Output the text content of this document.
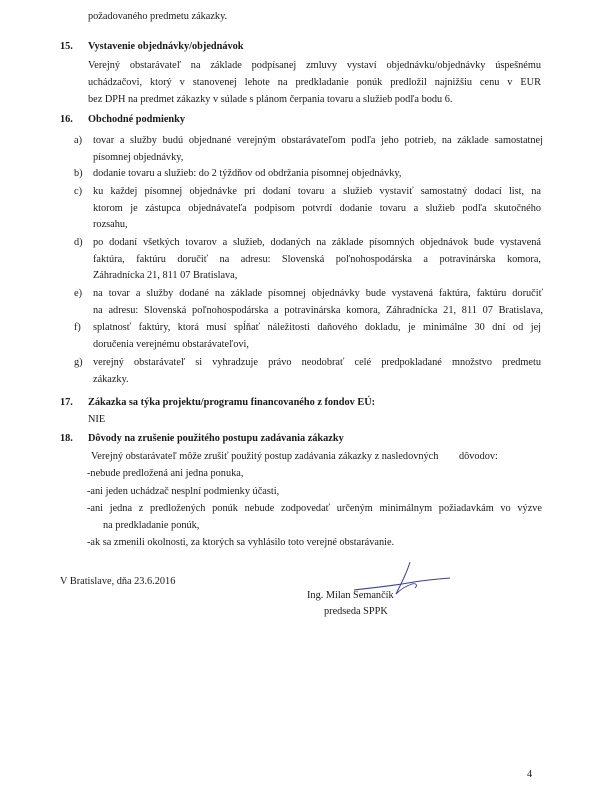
požadovaného predmetu zákazky.
15. Vystavenie objednávky/objednávok
Verejný obstarávateľ na základe podpísanej zmluvy vystaví objednávku/objednávky úspešnému
uchádzačovi, ktorý v stanovenej lehote na predkladanie ponúk predložil najnižšiu cenu v EUR
bez DPH na predmet zákazky v súlade s plánom čerpania tovaru a služieb podľa bodu 6.
16. Obchodné podmienky
a) tovar a služby budú objednané verejným obstarávateľom podľa jeho potrieb, na základe samostatnej
písomnej objednávky,
b) dodanie tovaru a služieb: do 2 týždňov od obdržania písomnej objednávky,
c) ku každej písomnej objednávke pri dodaní tovaru a služieb vystaviť samostatný dodací list, na
ktorom je zástupca objednávateľa podpisom potvrdí dodanie tovaru a služieb podľa skutočného
rozsahu,
d) po dodaní všetkých tovarov a služieb, dodaných na základe písomných objednávok bude vystavená
faktúra, faktúru doručiť na adresu: Slovenská poľnohospodárska a potravinárska komora,
Záhradnícka 21, 811 07 Bratislava,
e) na tovar a služby dodané na základe písomnej objednávky bude vystavená faktúra, faktúru doručiť
na adresu: Slovenská poľnohospodárska a potravinárska komora, Záhradnícka 21, 811 07 Bratislava,
f) splatnosť faktúry, ktorá musí spĺňať náležitosti daňového dokladu, je minimálne 30 dní od jej
doručenia verejnému obstarávateľovi,
g) verejný obstarávateľ si vyhradzuje právo neodobrať celé predpokladané množstvo predmetu
zákazky.
17. Zákazka sa týka projektu/programu financovaného z fondov EÚ:
NIE
18. Dôvody na zrušenie použitého postupu zadávania zákazky
Verejný obstarávateľ môže zrušiť použitý postup zadávania zákazky z nasledovných        dôvodov:
-nebude predložená ani jedna ponuka,
-ani jeden uchádzač nesplní podmienky účasti,
-ani jedna z predložených ponúk nebude zodpovedať určeným minimálnym požiadavkám vo výzve
na predkladanie ponúk,
-ak sa zmenili okolnosti, za ktorých sa vyhlásilo toto verejné obstarávanie.
V Bratislave, dňa 23.6.2016
Ing. Milan Semančík
predseda SPPK
4
